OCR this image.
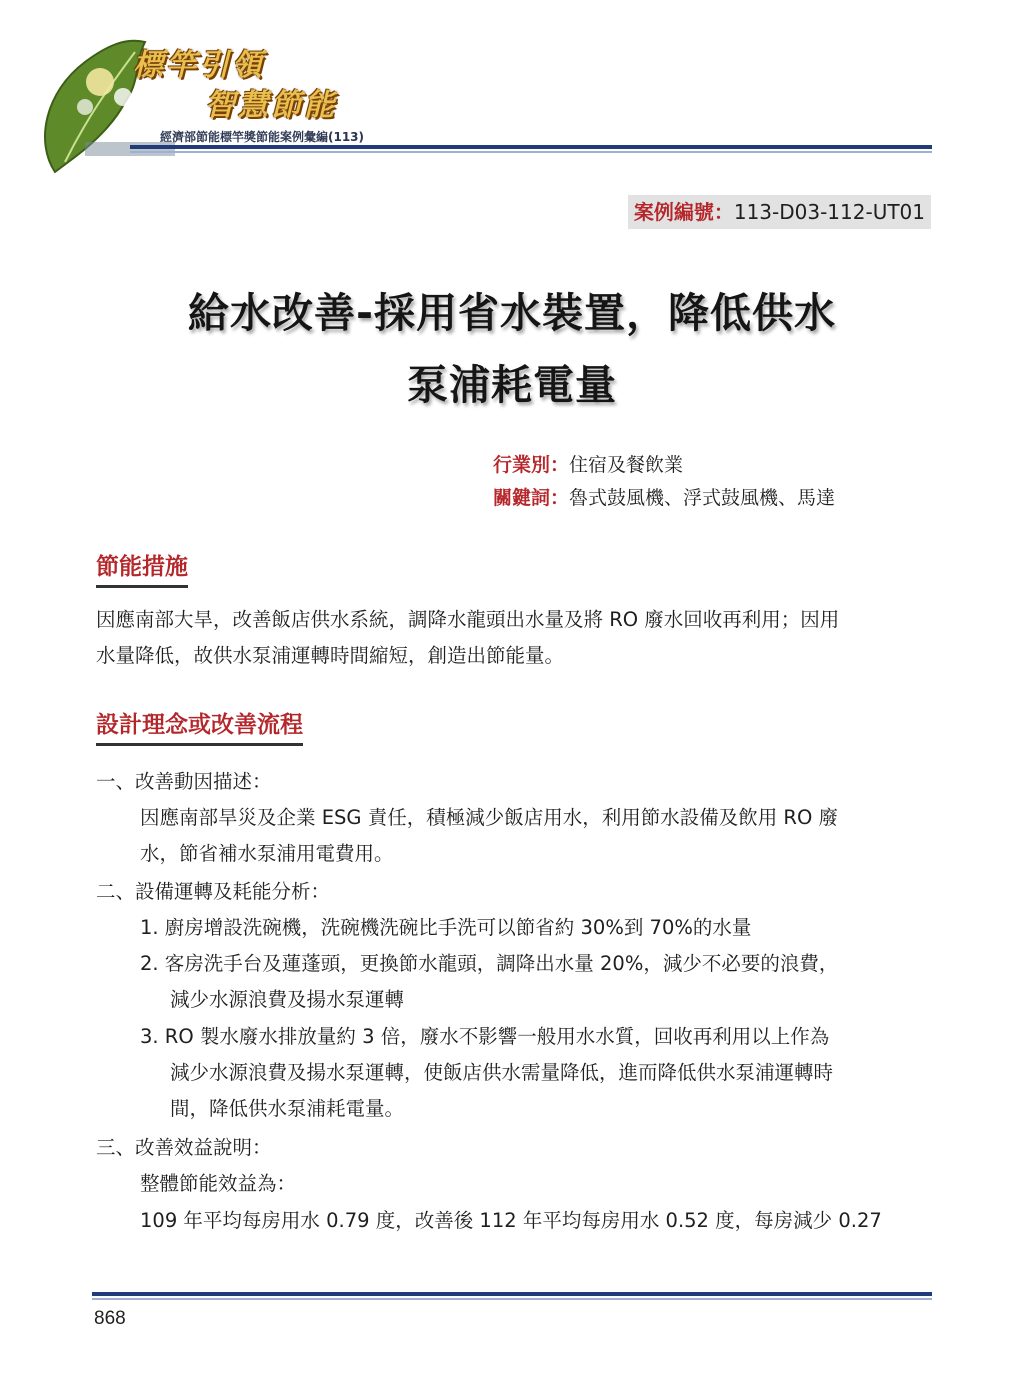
標竿引領
智慧節能
經濟部節能標竿獎節能案例彙編(113)
案例編號：113-D03-112-UT01
給水改善-採用省水裝置，降低供水
泵浦耗電量
行業別：住宿及餐飲業
關鍵詞：魯式鼓風機、浮式鼓風機、馬達
節能措施
因應南部大旱，改善飯店供水系統，調降水龍頭出水量及將 RO 廢水回收再利用；因用
水量降低，故供水泵浦運轉時間縮短，創造出節能量。
設計理念或改善流程
一、改善動因描述：
因應南部旱災及企業 ESG 責任，積極減少飯店用水，利用節水設備及飲用 RO 廢
水，節省補水泵浦用電費用。
二、設備運轉及耗能分析：
1. 廚房增設洗碗機，洗碗機洗碗比手洗可以節省約 30%到 70%的水量
2. 客房洗手台及蓮蓬頭，更換節水龍頭，調降出水量 20%，減少不必要的浪費，
減少水源浪費及揚水泵運轉
3. RO 製水廢水排放量約 3 倍，廢水不影響一般用水水質，回收再利用以上作為
減少水源浪費及揚水泵運轉，使飯店供水需量降低，進而降低供水泵浦運轉時
間，降低供水泵浦耗電量。
三、改善效益說明：
整體節能效益為：
109 年平均每房用水 0.79 度，改善後 112 年平均每房用水 0.52 度，每房減少 0.27
868
